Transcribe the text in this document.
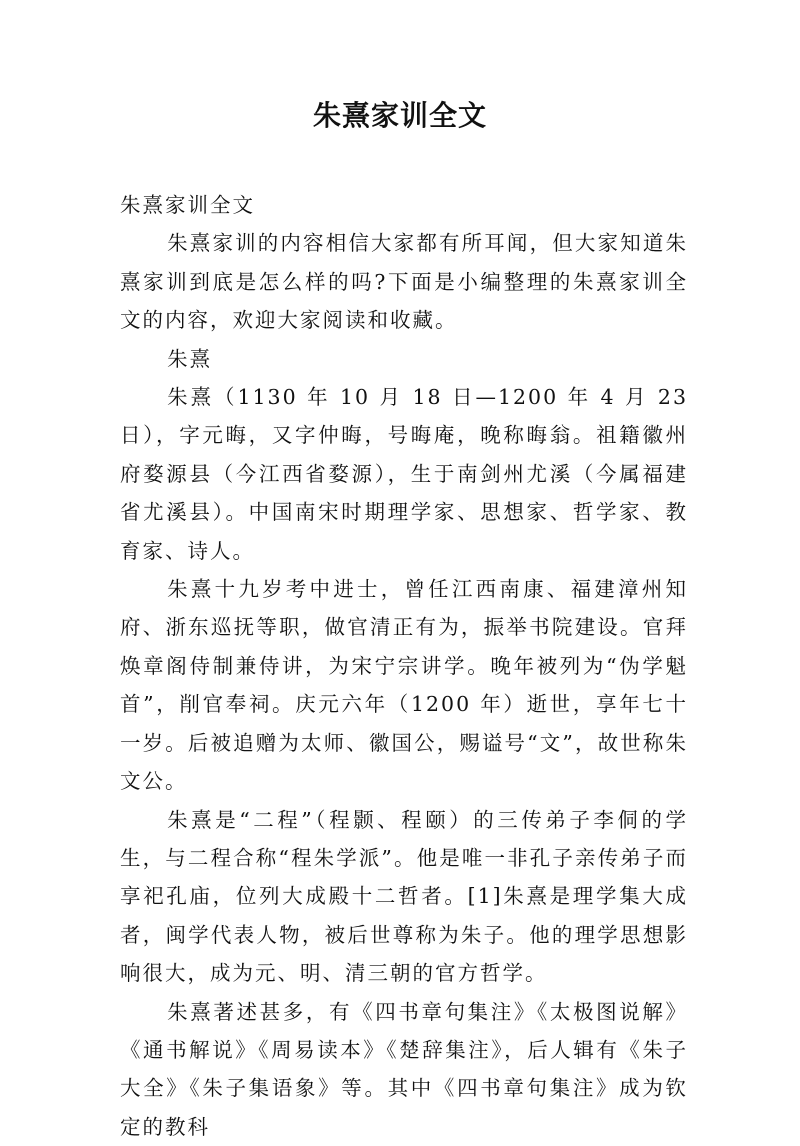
朱熹家训全文

朱熹家训全文

朱熹家训的内容相信大家都有所耳闻，但大家知道朱熹家训到底是怎么样的吗?下面是小编整理的朱熹家训全文的内容，欢迎大家阅读和收藏。

朱熹

朱熹（1130 年 10 月 18 日—1200 年 4 月 23 日），字元晦，又字仲晦，号晦庵，晚称晦翁。祖籍徽州府婺源县（今江西省婺源），生于南剑州尤溪（今属福建省尤溪县）。中国南宋时期理学家、思想家、哲学家、教育家、诗人。

朱熹十九岁考中进士，曾任江西南康、福建漳州知府、浙东巡抚等职，做官清正有为，振举书院建设。官拜焕章阁侍制兼侍讲，为宋宁宗讲学。晚年被列为“伪学魁首”，削官奉祠。庆元六年（1200 年）逝世，享年七十一岁。后被追赠为太师、徽国公，赐谥号“文”，故世称朱文公。

朱熹是“二程”（程颢、程颐）的三传弟子李侗的学生，与二程合称“程朱学派”。他是唯一非孔子亲传弟子而享祀孔庙，位列大成殿十二哲者。[1]朱熹是理学集大成者，闽学代表人物，被后世尊称为朱子。他的理学思想影响很大，成为元、明、清三朝的官方哲学。

朱熹著述甚多，有《四书章句集注》《太极图说解》《通书解说》《周易读本》《楚辞集注》，后人辑有《朱子大全》《朱子集语象》等。其中《四书章句集注》成为钦定的教科
